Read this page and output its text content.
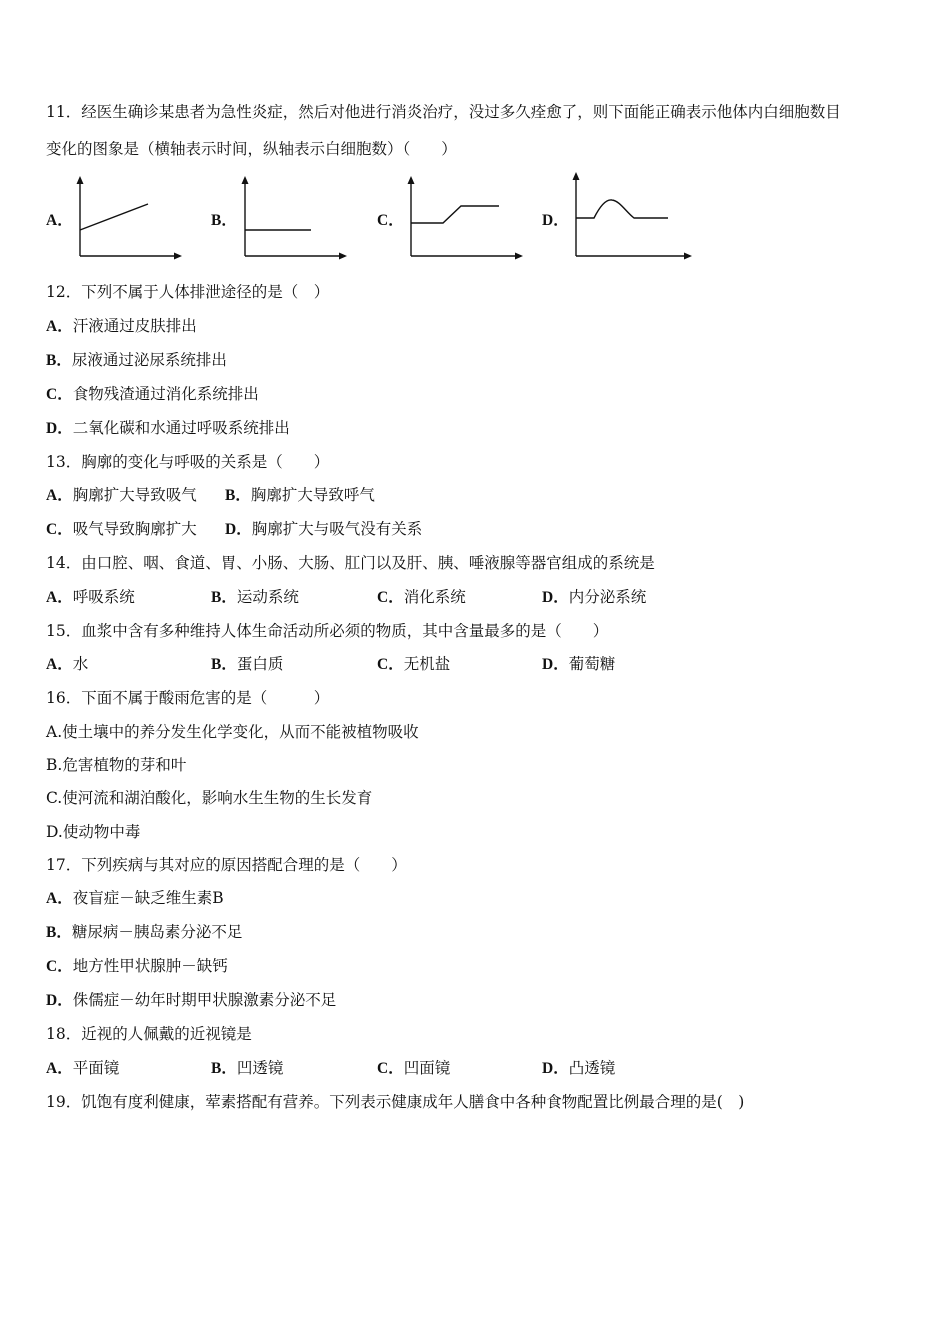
11．经医生确诊某患者为急性炎症，然后对他进行消炎治疗，没过多久痊愈了，则下面能正确表示他体内白细胞数目
变化的图象是（横轴表示时间，纵轴表示白细胞数）（　　）
A．	B．	C．	D．
12．下列不属于人体排泄途径的是（　）
A．汗液通过皮肤排出
B．尿液通过泌尿系统排出
C．食物残渣通过消化系统排出
D．二氧化碳和水通过呼吸系统排出
13．胸廓的变化与呼吸的关系是（　　）
A．胸廓扩大导致吸气 B．胸廓扩大导致呼气
C．吸气导致胸廓扩大 D．胸廓扩大与吸气没有关系
14．由口腔、咽、食道、胃、小肠、大肠、肛门以及肝、胰、唾液腺等器官组成的系统是
A．呼吸系统	B．运动系统	C．消化系统	D．内分泌系统
15．血浆中含有多种维持人体生命活动所必须的物质，其中含量最多的是（　　）
A．水	B．蛋白质	C．无机盐	D．葡萄糖
16．下面不属于酸雨危害的是（　　　）
A.使土壤中的养分发生化学变化，从而不能被植物吸收
B.危害植物的芽和叶
C.使河流和湖泊酸化，影响水生生物的生长发育
D.使动物中毒
17．下列疾病与其对应的原因搭配合理的是（　　）
A．夜盲症－缺乏维生素B
B．糖尿病－胰岛素分泌不足
C．地方性甲状腺肿－缺钙
D．侏儒症－幼年时期甲状腺激素分泌不足
18．近视的人佩戴的近视镜是
A．平面镜	B．凹透镜	C．凹面镜	D．凸透镜
19．饥饱有度利健康，荤素搭配有营养。下列表示健康成年人膳食中各种食物配置比例最合理的是(　)
